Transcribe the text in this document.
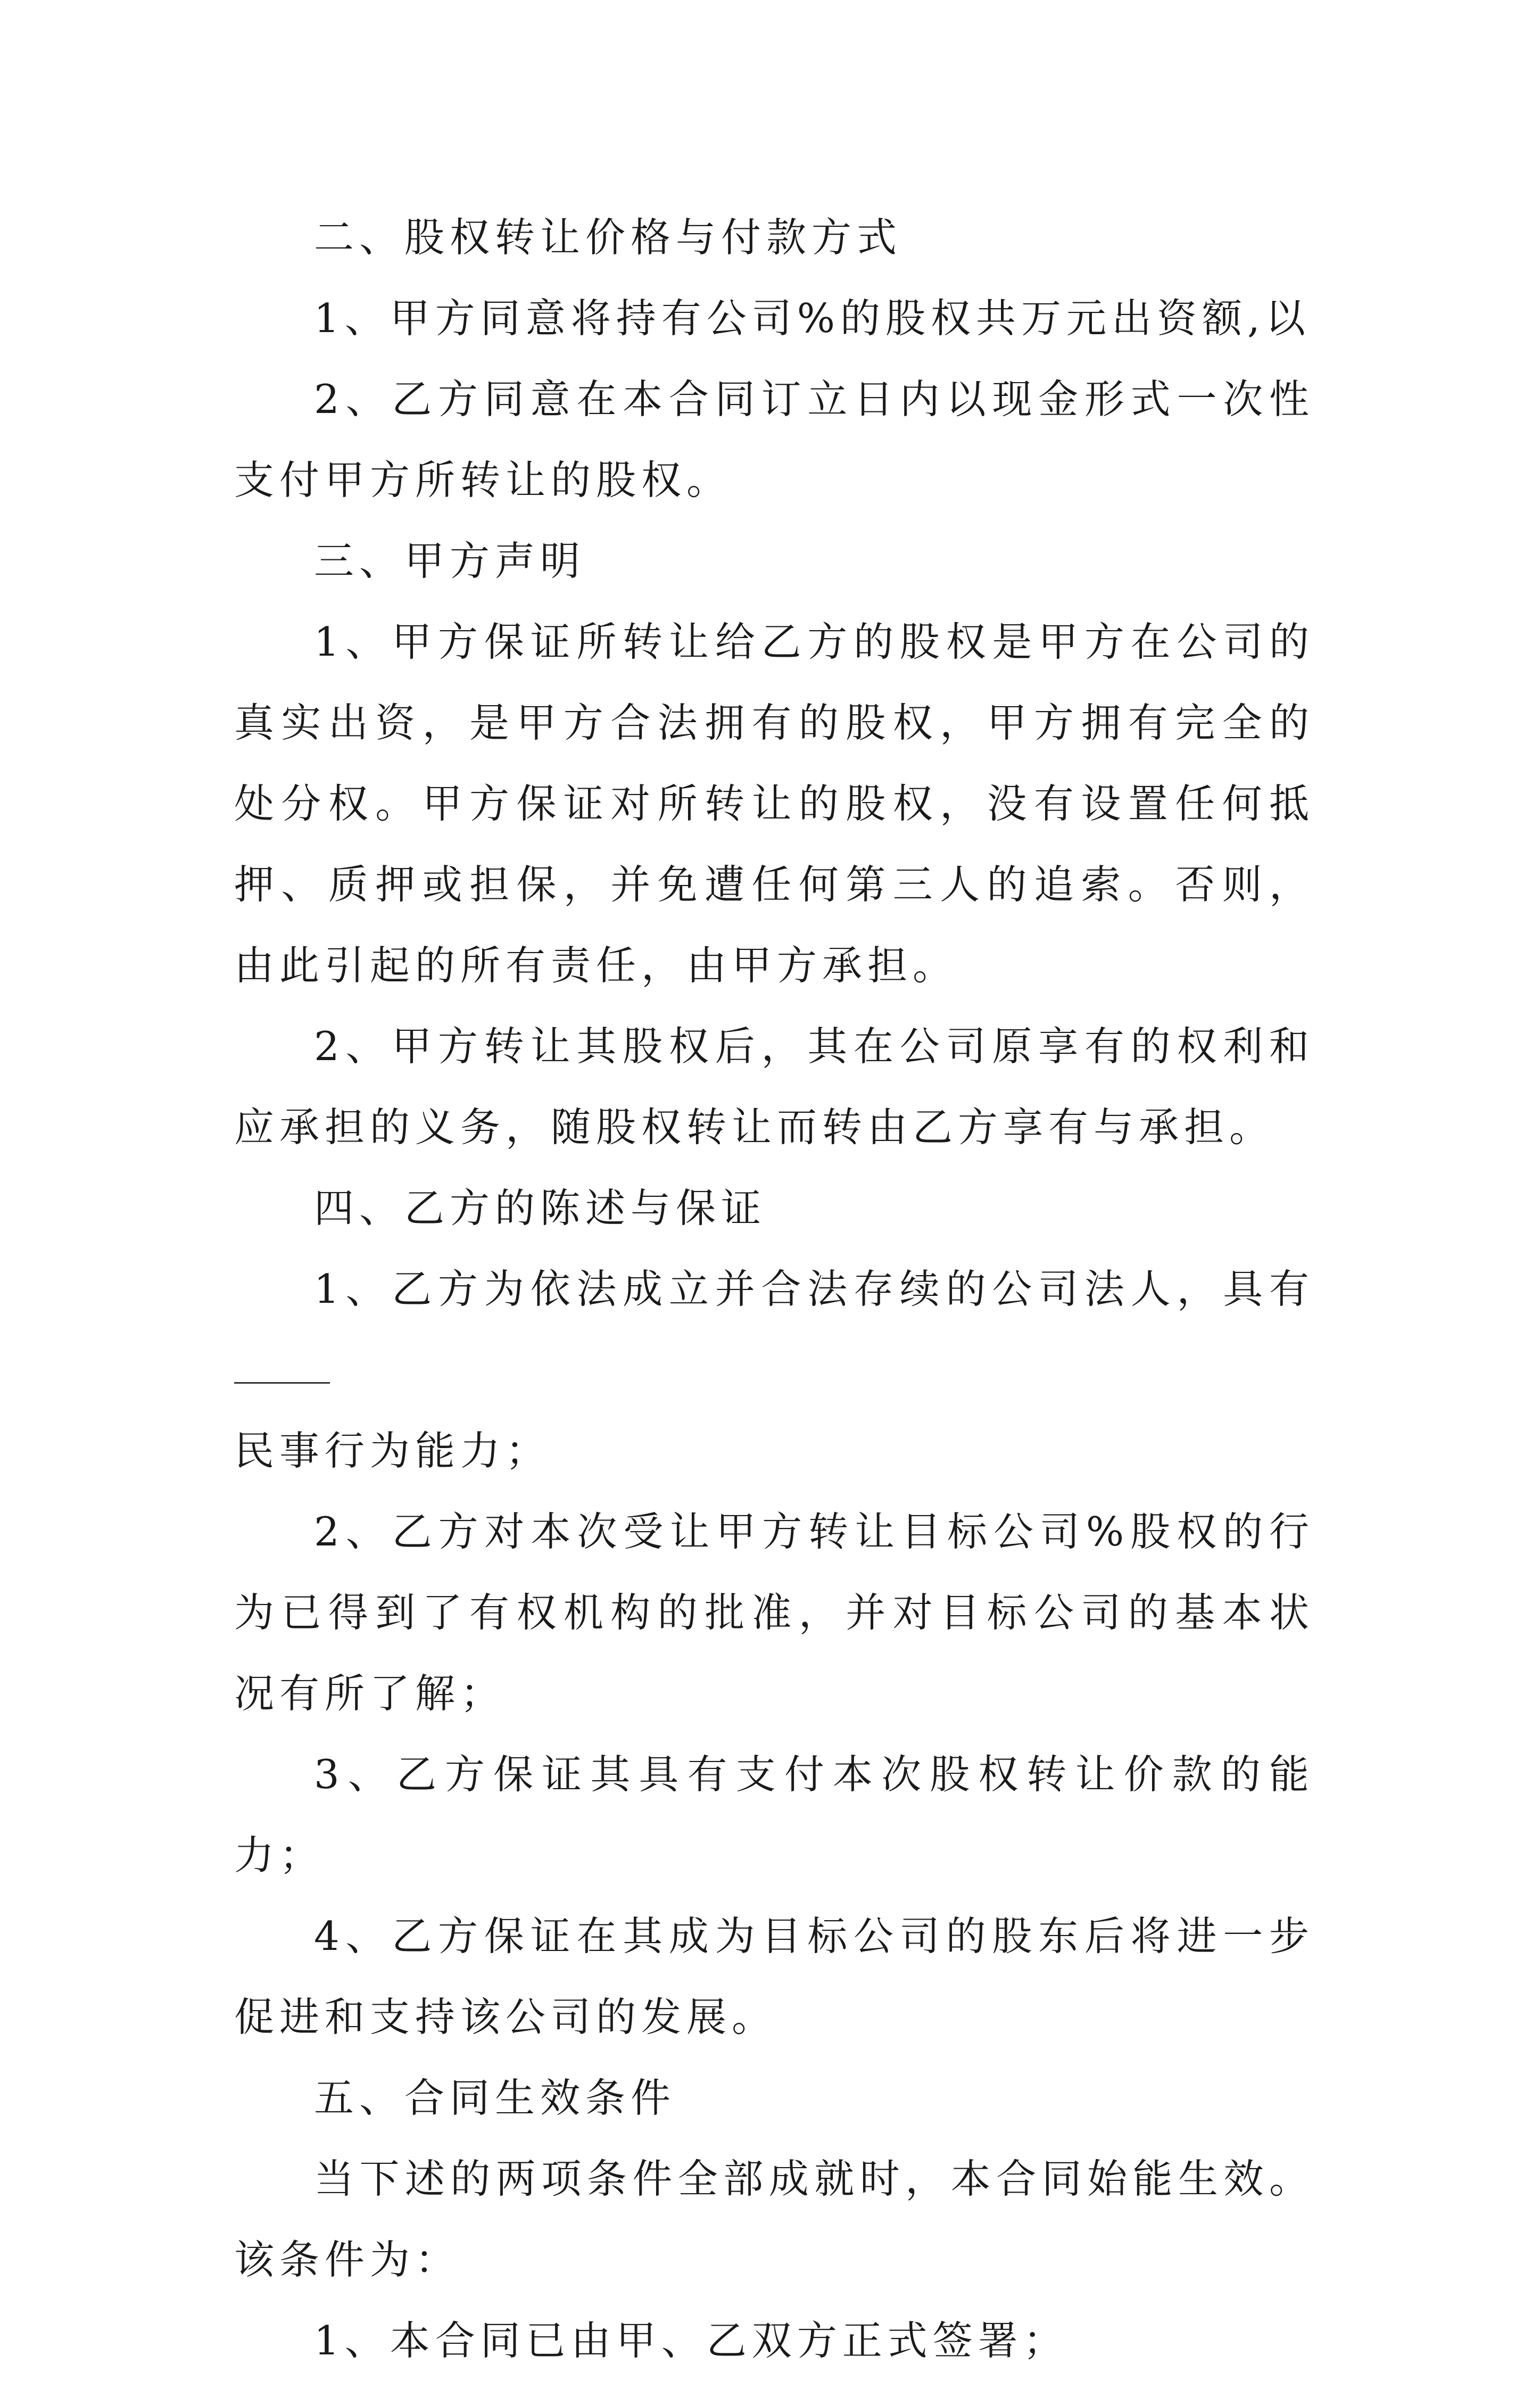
二、股权转让价格与付款方式

1、甲方同意将持有公司%的股权共万元出资额,以

2、乙方同意在本合同订立日内以现金形式一次性支付甲方所转让的股权。

三、甲方声明

1、甲方保证所转让给乙方的股权是甲方在公司的真实出资，是甲方合法拥有的股权，甲方拥有完全的处分权。甲方保证对所转让的股权，没有设置任何抵押、质押或担保，并免遭任何第三人的追索。否则，由此引起的所有责任，由甲方承担。

2、甲方转让其股权后，其在公司原享有的权利和应承担的义务，随股权转让而转由乙方享有与承担。

四、乙方的陈述与保证

1、乙方为依法成立并合法存续的公司法人，具有

民事行为能力；

2、乙方对本次受让甲方转让目标公司%股权的行为已得到了有权机构的批准，并对目标公司的基本状况有所了解；

3、乙方保证其具有支付本次股权转让价款的能力；

4、乙方保证在其成为目标公司的股东后将进一步促进和支持该公司的发展。

五、合同生效条件

当下述的两项条件全部成就时，本合同始能生效。该条件为：

1、本合同已由甲、乙双方正式签署；
